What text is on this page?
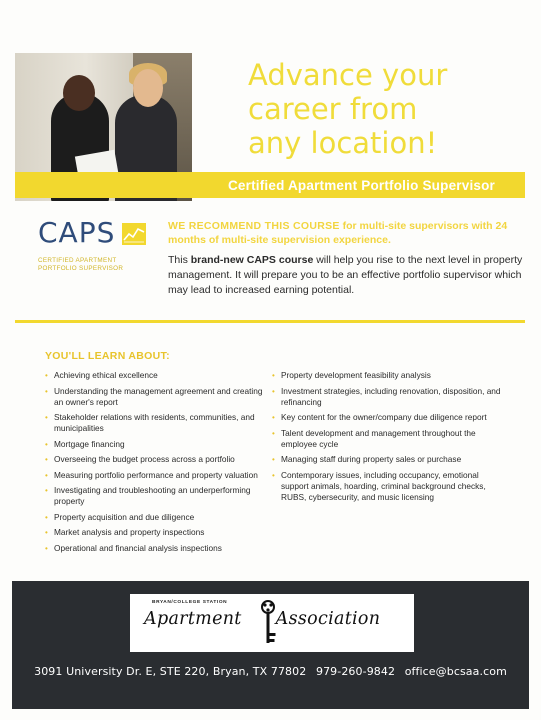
Advance your
career from
any location!
Certified Apartment Portfolio Supervisor
CAPS
CERTIFIED APARTMENT
PORTFOLIO SUPERVISOR

WE RECOMMEND THIS COURSE for multi-site supervisors with 24 months of multi-site supervision experience.

This brand-new CAPS course will help you rise to the next level in property management. It will prepare you to be an effective portfolio supervisor which may lead to increased earning potential.

YOU'LL LEARN ABOUT:
• Achieving ethical excellence
• Understanding the management agreement and creating an owner's report
• Stakeholder relations with residents, communities, and municipalities
• Mortgage financing
• Overseeing the budget process across a portfolio
• Measuring portfolio performance and property valuation
• Investigating and troubleshooting an underperforming property
• Property acquisition and due diligence
• Market analysis and property inspections
• Operational and financial analysis inspections
• Property development feasibility analysis
• Investment strategies, including renovation, disposition, and refinancing
• Key content for the owner/company due diligence report
• Talent development and management throughout the employee cycle
• Managing staff during property sales or purchase
• Contemporary issues, including occupancy, emotional support animals, hoarding, criminal background checks, RUBS, cybersecurity, and music licensing
BRYAN/COLLEGE STATION
Apartment Association
3091 University Dr. E, STE 220, Bryan, TX 77802 979-260-9842 office@bcsaa.com
